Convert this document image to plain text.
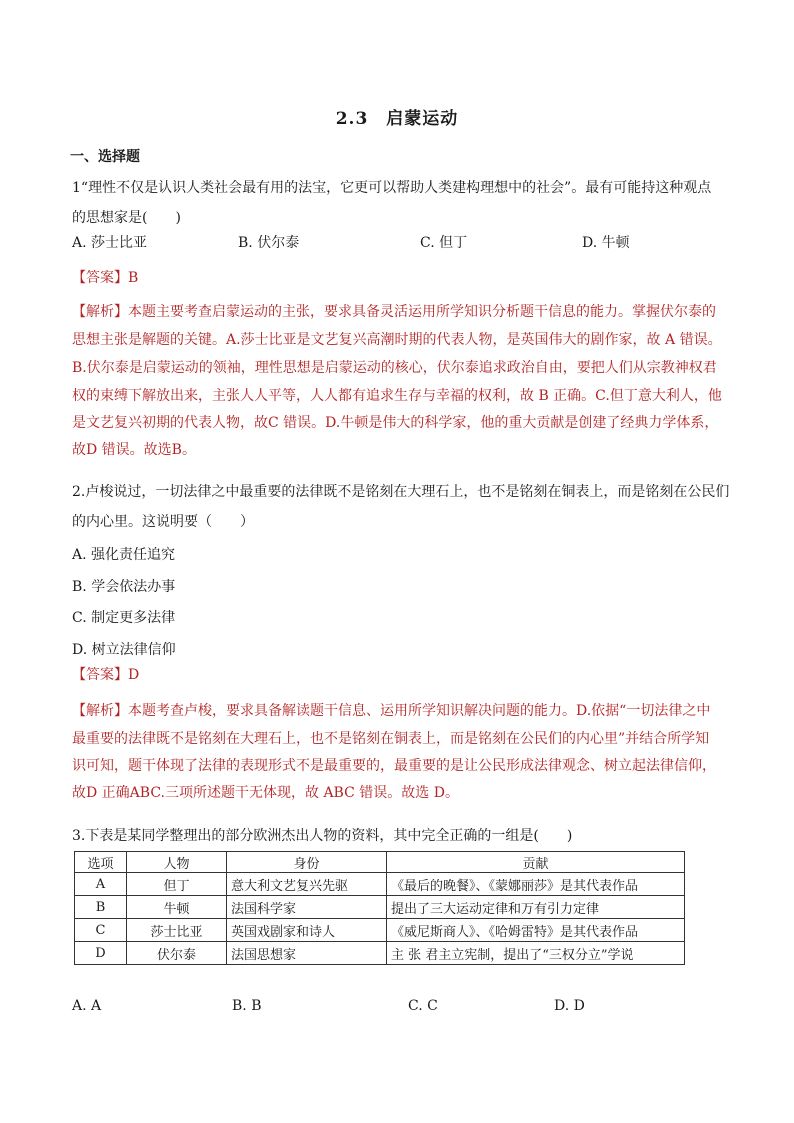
2.3　启蒙运动
一、选择题
1“理性不仅是认识人类社会最有用的法宝，它更可以帮助人类建构理想中的社会”。最有可能持这种观点
的思想家是(　　)
A. 莎士比亚	B. 伏尔泰	C. 但丁	D. 牛顿
【答案】B
【解析】本题主要考查启蒙运动的主张，要求具备灵活运用所学知识分析题干信息的能力。掌握伏尔泰的
思想主张是解题的关键。A.莎士比亚是文艺复兴高潮时期的代表人物，是英国伟大的剧作家，故 A 错误。
B.伏尔泰是启蒙运动的领袖，理性思想是启蒙运动的核心，伏尔泰追求政治自由，要把人们从宗教神权君
权的束缚下解放出来，主张人人平等，人人都有追求生存与幸福的权利，故 B 正确。C.但丁意大利人，他
是文艺复兴初期的代表人物，故C 错误。D.牛顿是伟大的科学家，他的重大贡献是创建了经典力学体系，
故D 错误。故选B。
2.卢梭说过，一切法律之中最重要的法律既不是铭刻在大理石上，也不是铭刻在铜表上，而是铭刻在公民们
的内心里。这说明要（　　）
A. 强化责任追究
B. 学会依法办事
C. 制定更多法律
D. 树立法律信仰
【答案】D
【解析】本题考查卢梭，要求具备解读题干信息、运用所学知识解决问题的能力。D.依据“一切法律之中
最重要的法律既不是铭刻在大理石上，也不是铭刻在铜表上，而是铭刻在公民们的内心里”并结合所学知
识可知，题干体现了法律的表现形式不是最重要的，最重要的是让公民形成法律观念、树立起法律信仰，
故D 正确ABC.三项所述题干无体现，故 ABC 错误。故选 D。
3.下表是某同学整理出的部分欧洲杰出人物的资料，其中完全正确的一组是(　　)
选项	人物	身份	贡献
A	但丁	意大利文艺复兴先驱	《最后的晚餐》、《蒙娜丽莎》是其代表作品
B	牛顿	法国科学家	提出了三大运动定律和万有引力定律
C	莎士比亚	英国戏剧家和诗人	《威尼斯商人》、《哈姆雷特》是其代表作品
D	伏尔泰	法国思想家	主 张 君主立宪制，提出了“三权分立”学说
A. A	B. B	C. C	D. D
